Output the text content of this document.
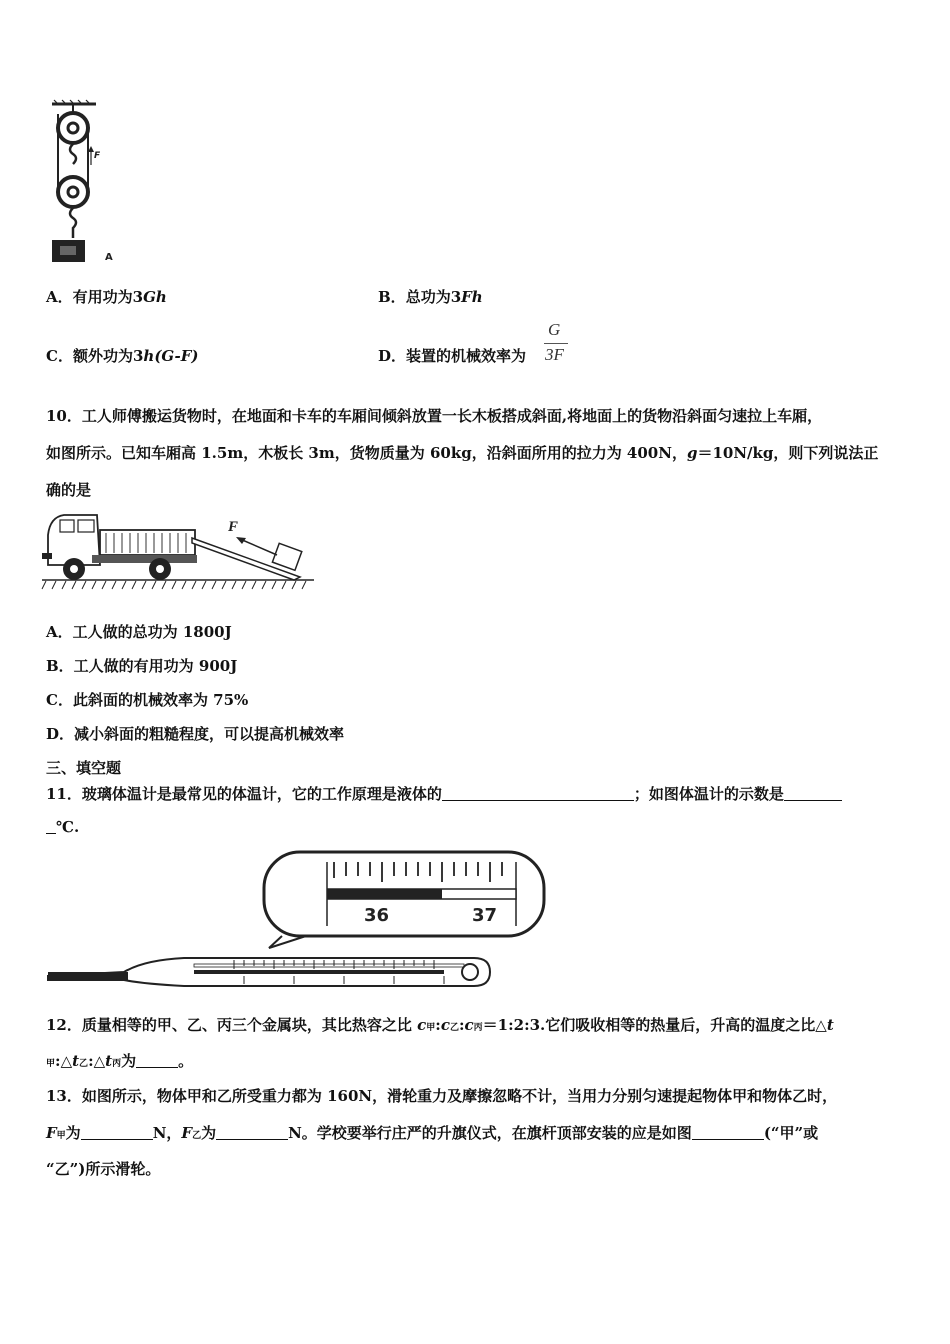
F
A
A．有用功为3Gh	B．总功为3Fh
C．额外功为3h(G-F)	D．装置的机械效率为
G
3F
10．工人师傅搬运货物时，在地面和卡车的车厢间倾斜放置一长木板搭成斜面,将地面上的货物沿斜面匀速拉上车厢，
如图所示。已知车厢高 1.5m，木板长 3m，货物质量为 60kg，沿斜面所用的拉力为 400N，g＝10N/kg，则下列说法正
确的是
F
A．工人做的总功为 1800J
B．工人做的有用功为 900J
C．此斜面的机械效率为 75%
D．减小斜面的粗糙程度，可以提高机械效率
三、填空题
11．玻璃体温计是最常见的体温计，它的工作原理是液体的	；如图体温计的示数是
℃.
36	37
12．质量相等的甲、乙、丙三个金属块，其比热容之比 c甲:c乙:c丙＝1:2:3.它们吸收相等的热量后，升高的温度之比△t
甲:△t乙:△t丙为	。
13．如图所示，物体甲和乙所受重力都为 160N，滑轮重力及摩擦忽略不计，当用力分别匀速提起物体甲和物体乙时，
F甲为	N，F乙为	N。学校要举行庄严的升旗仪式，在旗杆顶部安装的应是如图	(“甲”或
“乙”)所示滑轮。
